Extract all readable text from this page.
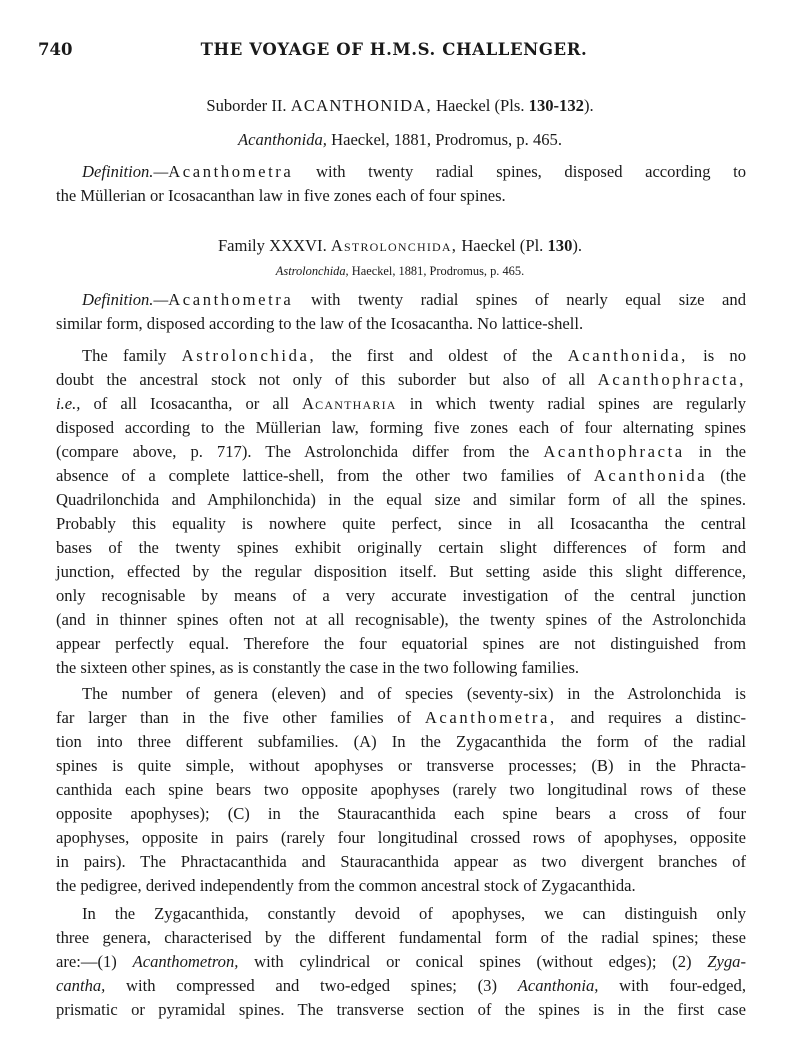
740	THE VOYAGE OF H.M.S. CHALLENGER.
Suborder II. ACANTHONIDA, Haeckel (Pls. 130-132).
Acanthonida, Haeckel, 1881, Prodromus, p. 465.
Definition.—Acanthometra with twenty radial spines, disposed according to
the Müllerian or Icosacanthan law in five zones each of four spines.
Family XXXVI. Astrolonchida, Haeckel (Pl. 130).
Astrolonchida, Haeckel, 1881, Prodromus, p. 465.
Definition.—Acanthometra with twenty radial spines of nearly equal size and
similar form, disposed according to the law of the Icosacantha. No lattice-shell.
The family Astrolonchida, the first and oldest of the Acanthonida, is no
doubt the ancestral stock not only of this suborder but also of all Acanthophracta,
i.e., of all Icosacantha, or all Acantharia in which twenty radial spines are regularly
disposed according to the Müllerian law, forming five zones each of four alternating spines
(compare above, p. 717). The Astrolonchida differ from the Acanthophracta in the
absence of a complete lattice-shell, from the other two families of Acanthonida (the
Quadrilonchida and Amphilonchida) in the equal size and similar form of all the spines.
Probably this equality is nowhere quite perfect, since in all Icosacantha the central
bases of the twenty spines exhibit originally certain slight differences of form and
junction, effected by the regular disposition itself. But setting aside this slight difference,
only recognisable by means of a very accurate investigation of the central junction
(and in thinner spines often not at all recognisable), the twenty spines of the Astrolonchida
appear perfectly equal. Therefore the four equatorial spines are not distinguished from
the sixteen other spines, as is constantly the case in the two following families.
The number of genera (eleven) and of species (seventy-six) in the Astrolonchida is
far larger than in the five other families of Acanthometra, and requires a distinc-
tion into three different subfamilies. (A) In the Zygacanthida the form of the radial
spines is quite simple, without apophyses or transverse processes; (B) in the Phracta-
canthida each spine bears two opposite apophyses (rarely two longitudinal rows of these
opposite apophyses); (C) in the Stauracanthida each spine bears a cross of four
apophyses, opposite in pairs (rarely four longitudinal crossed rows of apophyses, opposite
in pairs). The Phractacanthida and Stauracanthida appear as two divergent branches of
the pedigree, derived independently from the common ancestral stock of Zygacanthida.
In the Zygacanthida, constantly devoid of apophyses, we can distinguish only
three genera, characterised by the different fundamental form of the radial spines; these
are:—(1) Acanthometron, with cylindrical or conical spines (without edges); (2) Zyga-
cantha, with compressed and two-edged spines; (3) Acanthonia, with four-edged,
prismatic or pyramidal spines. The transverse section of the spines is in the first case
